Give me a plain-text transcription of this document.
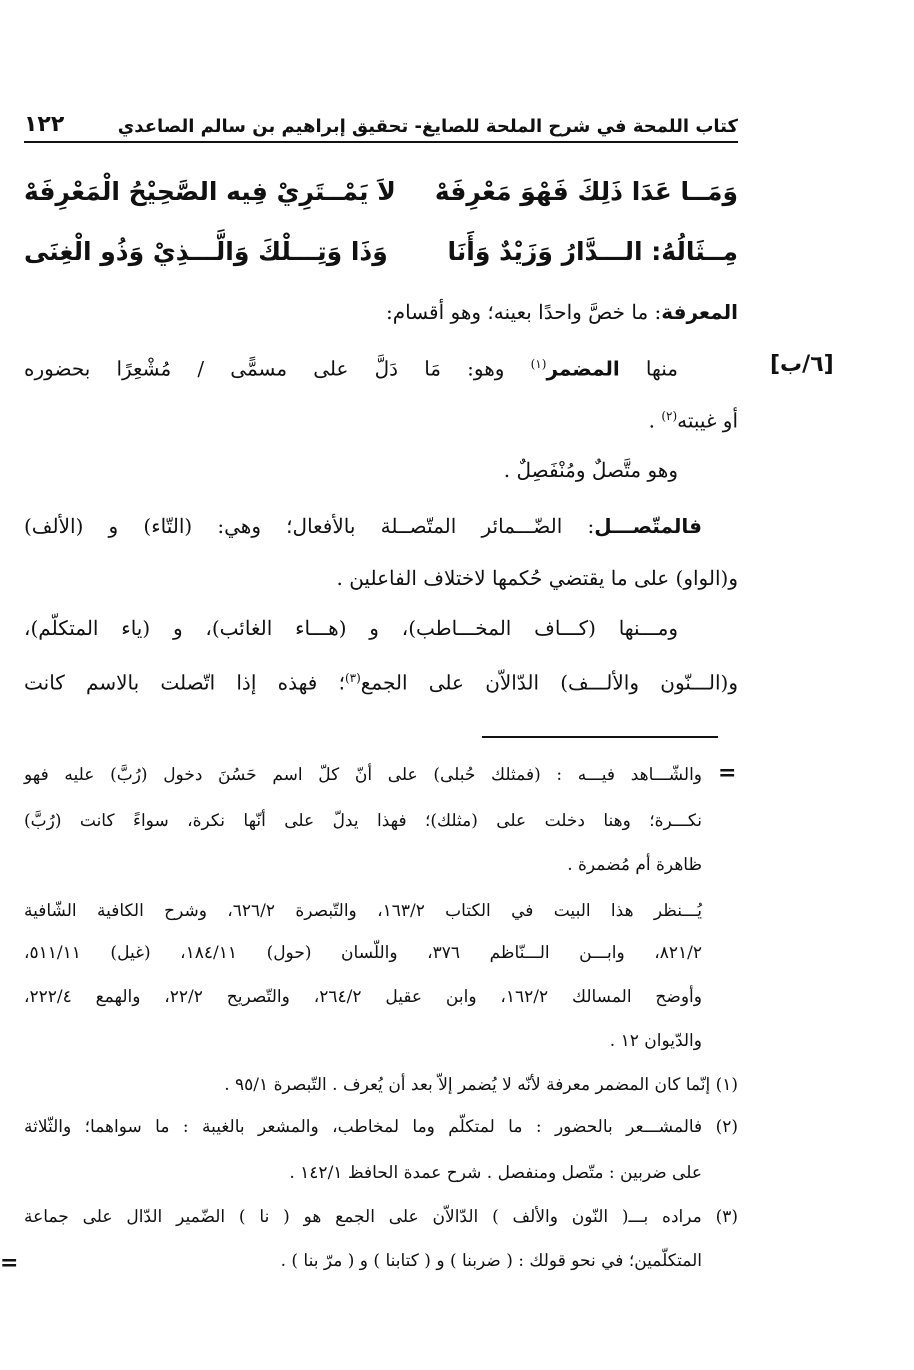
كتاب اللمحة في شرح الملحة للصايغ- تحقيق إبراهيم بن سالم الصاعدي
١٢٢
وَمَــا عَدَا ذَلِكَ فَهْوَ مَعْرِفَهْ
لاَ يَمْــتَرِيْ فِيه الصَّحِيْحُ الْمَعْرِفَهْ
مِــثَالُهُ: الـــدَّارُ وَزَيْدٌ وَأَنَا
وَذَا وَتِـــلْكَ وَالَّـــذِيْ وَذُو الْغِنَى
المعرفة: ما خصَّ واحدًا بعينه؛ وهو أقسام:
[٦/ب]
منها المضمر$^{(١)}$ وهو: مَا دَلَّ على مسمًّى / مُشْعِرًا بحضوره
أو غيبته$^{(٢)}$ .
وهو متَّصلٌ ومُنْفَصِلٌ .
فالمتّصـــل: الضّـــمائر المتّصــلة بالأفعال؛ وهي: (التّاء) و (الألف)
و(الواو) على ما يقتضي حُكمها لاختلاف الفاعلين .
ومـــنها (كـــاف المخـــاطب)، و (هـــاء الغائب)، و (ياء المتكلّم)،
و(الـــنّون والألـــف) الدّالاّن على الجمع$^{(٣)}$؛ فهذه إذا اتّصلت بالاسم كانت
=
والشّـــاهد فيـــه : (فمثلك حُبلى) على أنّ كلّ اسم حَسُنَ دخول (رُبَّ) عليه فهو
نكـــرة؛ وهنا دخلت على (مثلك)؛ فهذا يدلّ على أنّها نكرة، سواءً كانت (رُبَّ)
ظاهرة أم مُضمرة .
يُـــنظر هذا البيت في الكتاب ١٦٣/٢، والتّبصرة ٦٢٦/٢، وشرح الكافية الشّافية
٨٢١/٢، وابـــن الـــنّاظم ٣٧٦، واللّسان (حول) ١٨٤/١١، (غيل) ٥١١/١١،
وأوضح المسالك ١٦٢/٢، وابن عقيل ٢٦٤/٢، والتّصريح ٢٢/٢، والهمع ٢٢٢/٤،
والدّيوان ١٢ .
(١) إنّما كان المضمر معرفة لأنّه لا يُضمر إلاّ بعد أن يُعرف . التّبصرة ٩٥/١ .
(٢) فالمشـــعر بالحضور : ما لمتكلّم وما لمخاطب، والمشعر بالغيبة : ما سواهما؛ والثّلاثة
على ضربين : متّصل ومنفصل . شرح عمدة الحافظ ١٤٢/١ .
(٣) مراده بـــ( النّون والألف ) الدّالاّن على الجمع هو ( نا ) الضّمير الدّال على جماعة
المتكلّمين؛ في نحو قولك : ( ضربنا ) و ( كتابنا ) و ( مرّ بنا ) .
=
